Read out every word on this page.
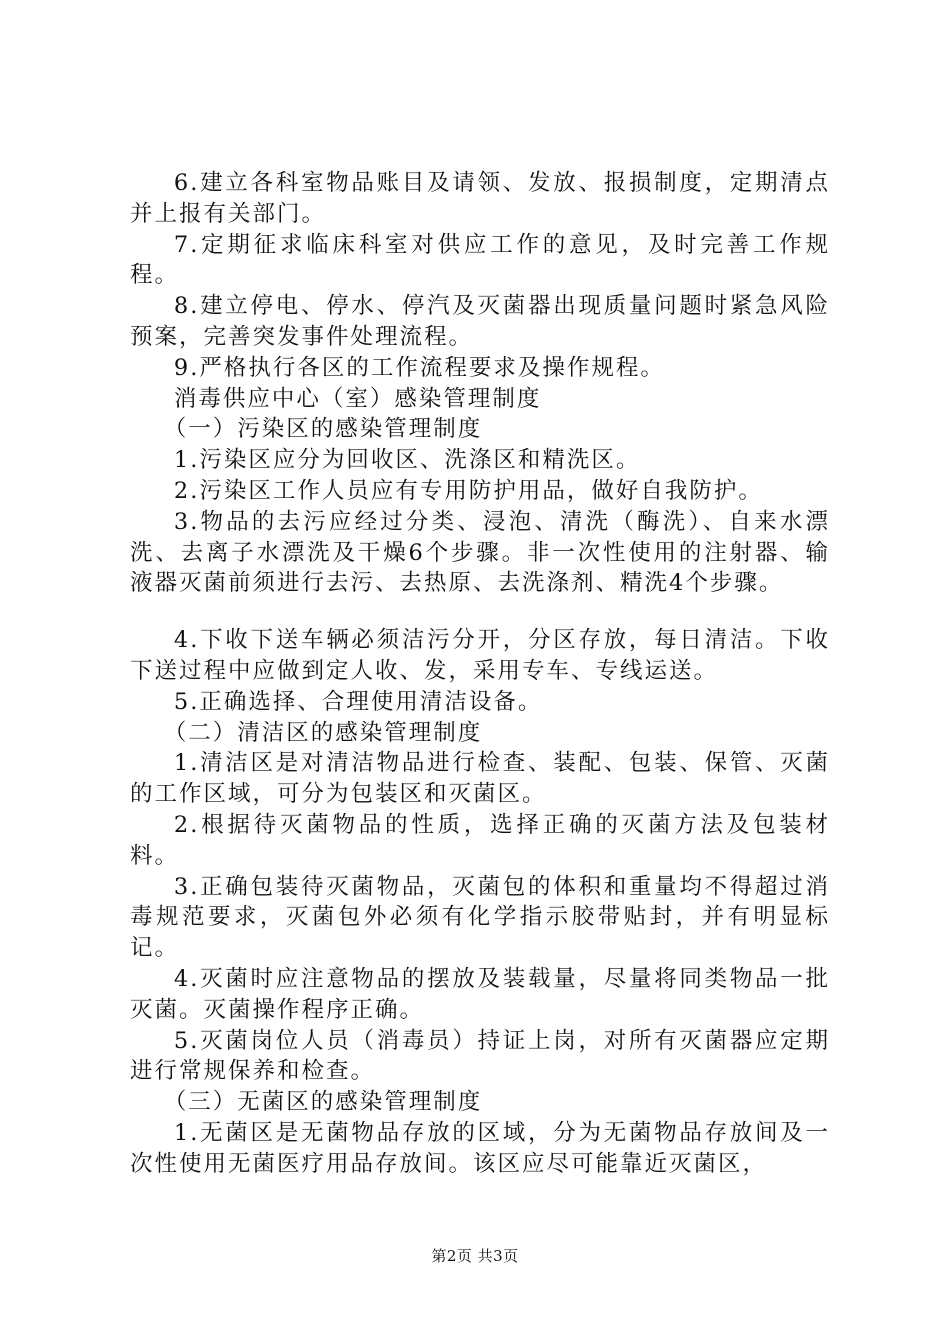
6.建立各科室物品账目及请领、发放、报损制度，定期清点并上报有关部门。

7.定期征求临床科室对供应工作的意见，及时完善工作规程。

8.建立停电、停水、停汽及灭菌器出现质量问题时紧急风险预案，完善突发事件处理流程。

9.严格执行各区的工作流程要求及操作规程。

消毒供应中心（室）感染管理制度

（一）污染区的感染管理制度

1.污染区应分为回收区、洗涤区和精洗区。

2.污染区工作人员应有专用防护用品，做好自我防护。

3.物品的去污应经过分类、浸泡、清洗（酶洗）、自来水漂洗、去离子水漂洗及干燥6个步骤。非一次性使用的注射器、输液器灭菌前须进行去污、去热原、去洗涤剂、精洗4个步骤。

4.下收下送车辆必须洁污分开，分区存放，每日清洁。下收下送过程中应做到定人收、发，采用专车、专线运送。

5.正确选择、合理使用清洁设备。

（二）清洁区的感染管理制度

1.清洁区是对清洁物品进行检查、装配、包装、保管、灭菌的工作区域，可分为包装区和灭菌区。

2.根据待灭菌物品的性质，选择正确的灭菌方法及包装材料。

3.正确包装待灭菌物品，灭菌包的体积和重量均不得超过消毒规范要求，灭菌包外必须有化学指示胶带贴封，并有明显标记。

4.灭菌时应注意物品的摆放及装载量，尽量将同类物品一批灭菌。灭菌操作程序正确。

5.灭菌岗位人员（消毒员）持证上岗，对所有灭菌器应定期进行常规保养和检查。

（三）无菌区的感染管理制度

1.无菌区是无菌物品存放的区域，分为无菌物品存放间及一次性使用无菌医疗用品存放间。该区应尽可能靠近灭菌区，

第2页 共3页
